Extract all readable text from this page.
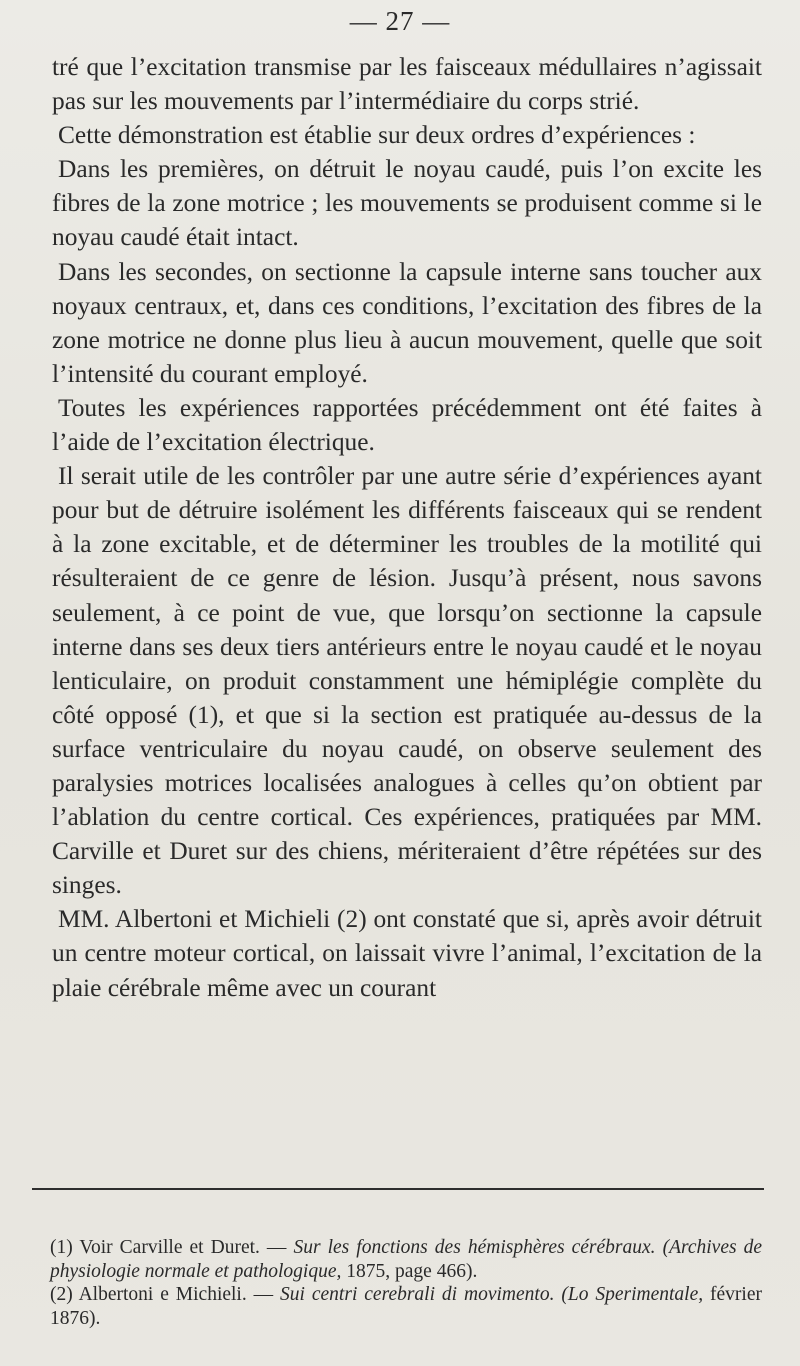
— 27 —

tré que l’excitation transmise par les faisceaux médullaires n’agissait pas sur les mouvements par l’intermédiaire du corps strié.

Cette démonstration est établie sur deux ordres d’expériences :

Dans les premières, on détruit le noyau caudé, puis l’on excite les fibres de la zone motrice ; les mouvements se produisent comme si le noyau caudé était intact.

Dans les secondes, on sectionne la capsule interne sans toucher aux noyaux centraux, et, dans ces conditions, l’excitation des fibres de la zone motrice ne donne plus lieu à aucun mouvement, quelle que soit l’intensité du courant employé.

Toutes les expériences rapportées précédemment ont été faites à l’aide de l’excitation électrique.

Il serait utile de les contrôler par une autre série d’expériences ayant pour but de détruire isolément les différents faisceaux qui se rendent à la zone excitable, et de déterminer les troubles de la motilité qui résulteraient de ce genre de lésion. Jusqu’à présent, nous savons seulement, à ce point de vue, que lorsqu’on sectionne la capsule interne dans ses deux tiers antérieurs entre le noyau caudé et le noyau lenticulaire, on produit constamment une hémiplégie complète du côté opposé (1), et que si la section est pratiquée au-dessus de la surface ventriculaire du noyau caudé, on observe seulement des paralysies motrices localisées analogues à celles qu’on obtient par l’ablation du centre cortical. Ces expériences, pratiquées par MM. Carville et Duret sur des chiens, mériteraient d’être répétées sur des singes.

MM. Albertoni et Michieli (2) ont constaté que si, après avoir détruit un centre moteur cortical, on laissait vivre l’animal, l’excitation de la plaie cérébrale même avec un courant

(1) Voir Carville et Duret. — Sur les fonctions des hémisphères cérébraux. (Archives de physiologie normale et pathologique, 1875, page 466).

(2) Albertoni e Michieli. — Sui centri cerebrali di movimento. (Lo Sperimentale, février 1876).
